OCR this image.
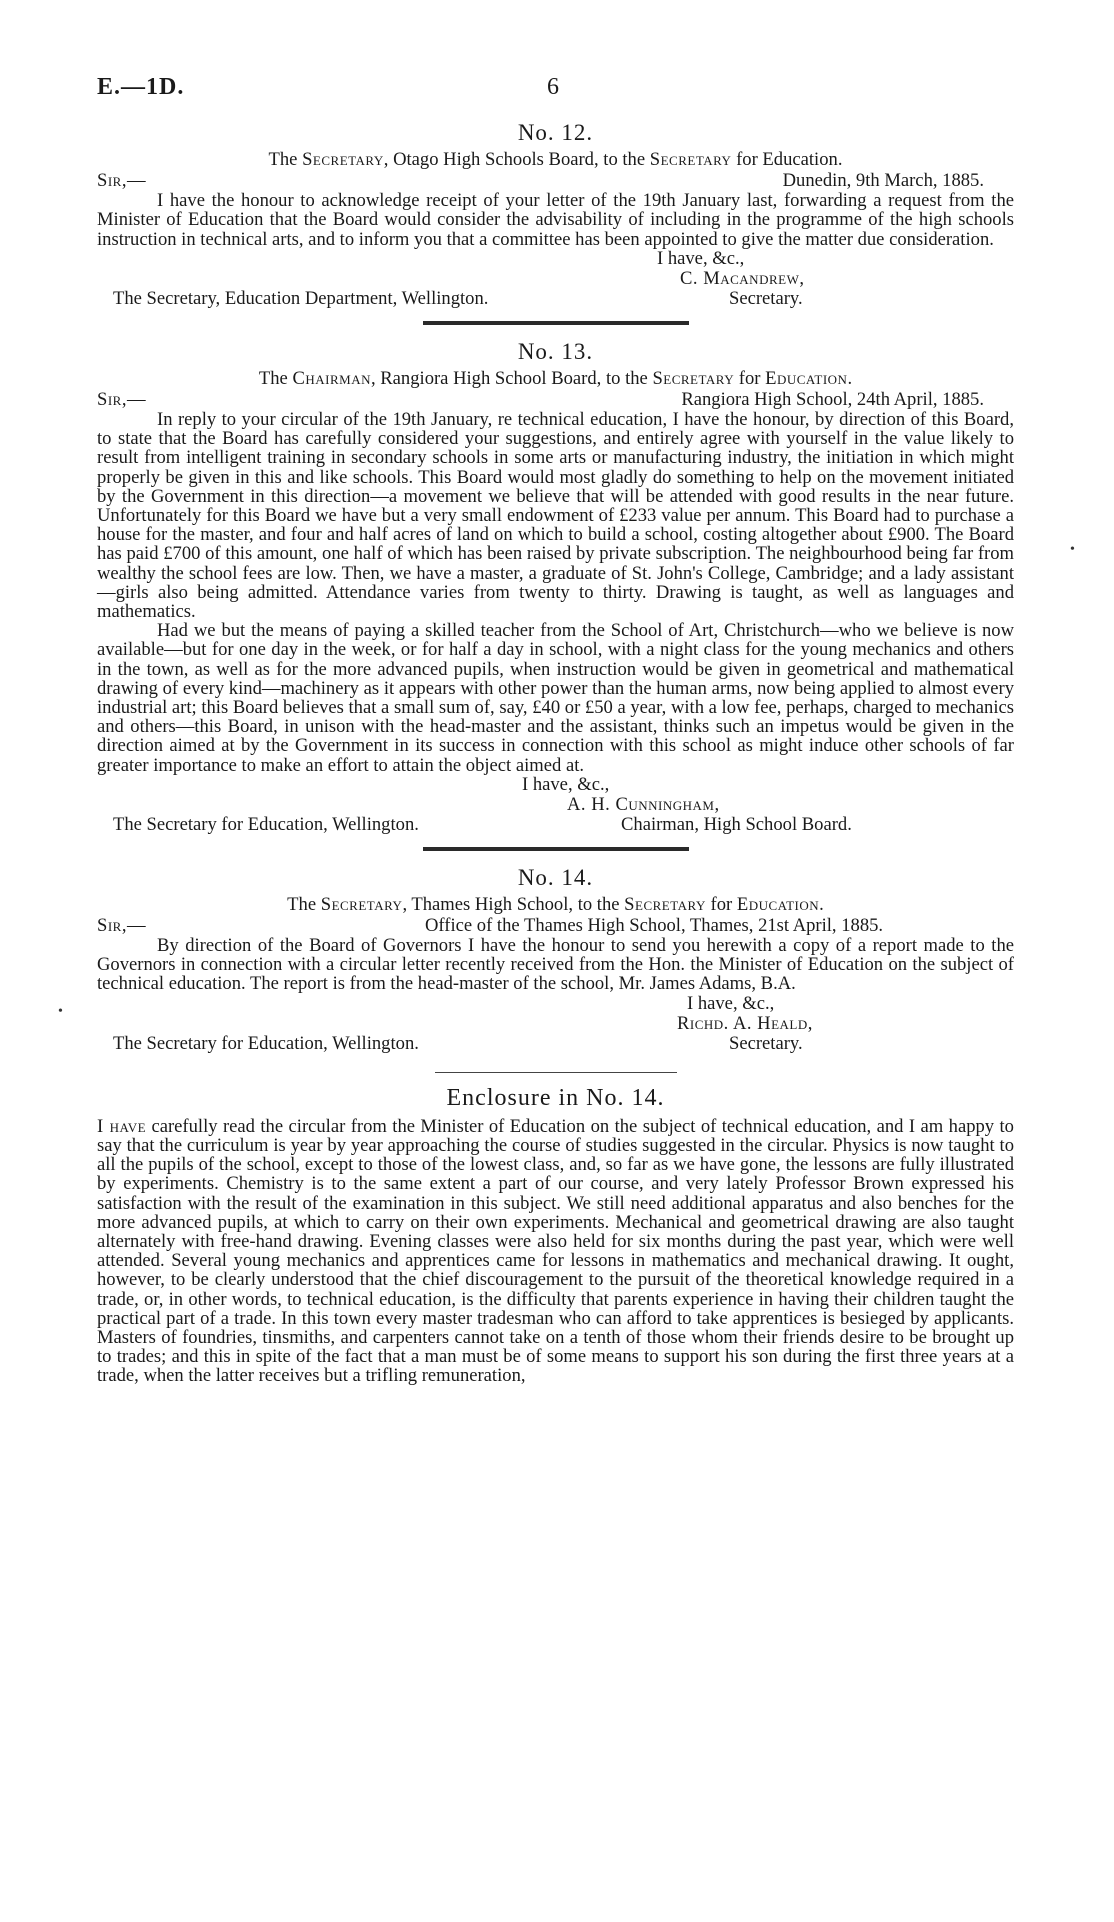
E.—1D.	6
No. 12.
The Secretary, Otago High Schools Board, to the Secretary for Education.
Sir,—	Dunedin, 9th March, 1885.

I have the honour to acknowledge receipt of your letter of the 19th January last, forwarding a request from the Minister of Education that the Board would consider the advisability of including in the programme of the high schools instruction in technical arts, and to inform you that a committee has been appointed to give the matter due consideration.

I have, &c.,
C. Macandrew,
The Secretary, Education Department, Wellington.	Secretary.
No. 13.
The Chairman, Rangiora High School Board, to the Secretary for Education.
Sir,—	Rangiora High School, 24th April, 1885.

In reply to your circular of the 19th January, re technical education, I have the honour, by direction of this Board, to state that the Board has carefully considered your suggestions, and entirely agree with yourself in the value likely to result from intelligent training in secondary schools in some arts or manufacturing industry, the initiation in which might properly be given in this and like schools. This Board would most gladly do something to help on the movement initiated by the Government in this direction—a movement we believe that will be attended with good results in the near future. Unfortunately for this Board we have but a very small endowment of £233 value per annum. This Board had to purchase a house for the master, and four and half acres of land on which to build a school, costing altogether about £900. The Board has paid £700 of this amount, one half of which has been raised by private subscription. The neighbourhood being far from wealthy the school fees are low. Then, we have a master, a graduate of St. John's College, Cambridge; and a lady assistant—girls also being admitted. Attendance varies from twenty to thirty. Drawing is taught, as well as languages and mathematics.

Had we but the means of paying a skilled teacher from the School of Art, Christchurch—who we believe is now available—but for one day in the week, or for half a day in school, with a night class for the young mechanics and others in the town, as well as for the more advanced pupils, when instruction would be given in geometrical and mathematical drawing of every kind—machinery as it appears with other power than the human arms, now being applied to almost every industrial art; this Board believes that a small sum of, say, £40 or £50 a year, with a low fee, perhaps, charged to mechanics and others—this Board, in unison with the head-master and the assistant, thinks such an impetus would be given in the direction aimed at by the Government in its success in connection with this school as might induce other schools of far greater importance to make an effort to attain the object aimed at.

I have, &c.,
A. H. Cunningham,
The Secretary for Education, Wellington.	Chairman, High School Board.
No. 14.
The Secretary, Thames High School, to the Secretary for Education.
Sir,—	Office of the Thames High School, Thames, 21st April, 1885.

By direction of the Board of Governors I have the honour to send you herewith a copy of a report made to the Governors in connection with a circular letter recently received from the Hon. the Minister of Education on the subject of technical education. The report is from the head-master of the school, Mr. James Adams, B.A.

I have, &c.,
Richd. A. Heald,
The Secretary for Education, Wellington.	Secretary.
Enclosure in No. 14.

I have carefully read the circular from the Minister of Education on the subject of technical education, and I am happy to say that the curriculum is year by year approaching the course of studies suggested in the circular. Physics is now taught to all the pupils of the school, except to those of the lowest class, and, so far as we have gone, the lessons are fully illustrated by experiments. Chemistry is to the same extent a part of our course, and very lately Professor Brown expressed his satisfaction with the result of the examination in this subject. We still need additional apparatus and also benches for the more advanced pupils, at which to carry on their own experiments. Mechanical and geometrical drawing are also taught alternately with free-hand drawing. Evening classes were also held for six months during the past year, which were well attended. Several young mechanics and apprentices came for lessons in mathematics and mechanical drawing. It ought, however, to be clearly understood that the chief discouragement to the pursuit of the theoretical knowledge required in a trade, or, in other words, to technical education, is the difficulty that parents experience in having their children taught the practical part of a trade. In this town every master tradesman who can afford to take apprentices is besieged by applicants. Masters of foundries, tinsmiths, and carpenters cannot take on a tenth of those whom their friends desire to be brought up to trades; and this in spite of the fact that a man must be of some means to support his son during the first three years at a trade, when the latter receives but a trifling remuneration,

•
•
